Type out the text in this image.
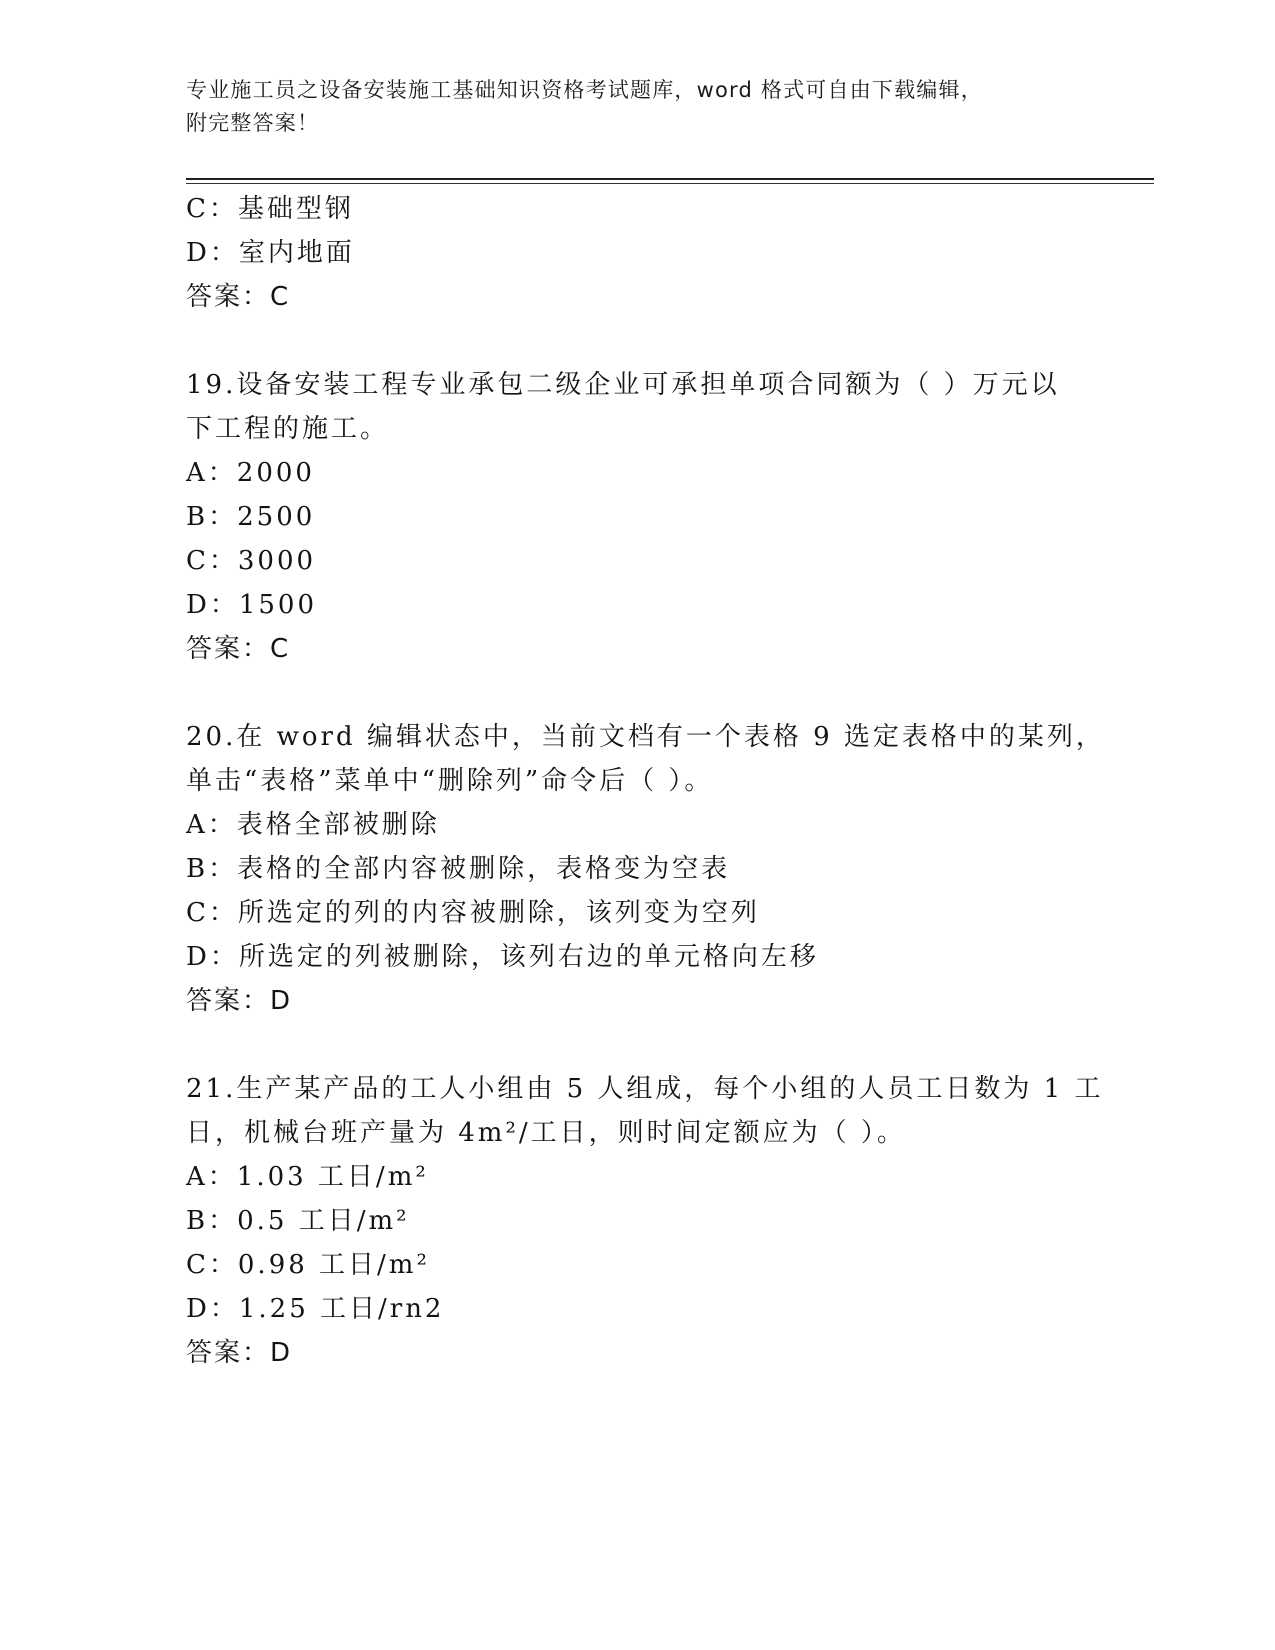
专业施工员之设备安装施工基础知识资格考试题库，word 格式可自由下载编辑，
附完整答案！
C：基础型钢
D：室内地面
答案：C
19.设备安装工程专业承包二级企业可承担单项合同额为（ ）万元以
下工程的施工。
A：2000
B：2500
C：3000
D：1500
答案：C
20.在 word 编辑状态中，当前文档有一个表格 9 选定表格中的某列，
单击“表格”菜单中“删除列”命令后（ ）。
A：表格全部被删除
B：表格的全部内容被删除，表格变为空表
C：所选定的列的内容被删除，该列变为空列
D：所选定的列被删除，该列右边的单元格向左移
答案：D
21.生产某产品的工人小组由 5 人组成，每个小组的人员工日数为 1 工
日，机械台班产量为 4m²/工日，则时间定额应为（ ）。
A：1.03 工日/m²
B：0.5 工日/m²
C：0.98 工日/m²
D：1.25 工日/rn2
答案：D
